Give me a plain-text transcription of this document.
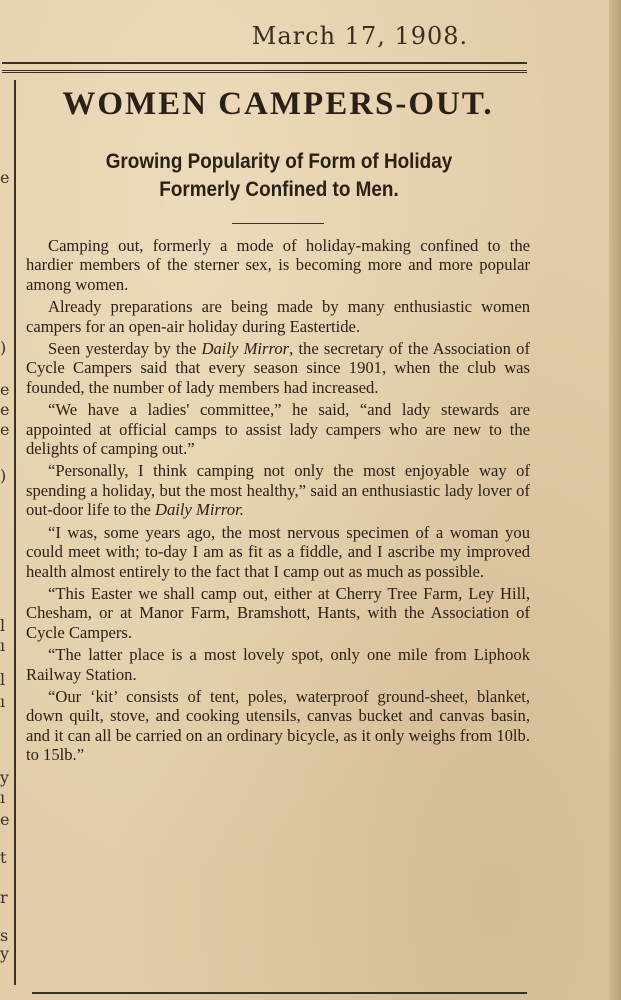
March 17, 1908.
e
)
e
e
e
)
l
ı
l
ı
y
ı
e
t
r
s
y
WOMEN CAMPERS-OUT.
Growing Popularity of Form of Holiday
Formerly Confined to Men.

Camping out, formerly a mode of holiday-making confined to the hardier members of the sterner sex, is becoming more and more popular among women.

Already preparations are being made by many enthusiastic women campers for an open-air holiday during Eastertide.

Seen yesterday by the Daily Mirror, the secretary of the Association of Cycle Campers said that every season since 1901, when the club was founded, the number of lady members had increased.

“We have a ladies' committee,” he said, “and lady stewards are appointed at official camps to assist lady campers who are new to the delights of camping out.”

“Personally, I think camping not only the most enjoyable way of spending a holiday, but the most healthy,” said an enthusiastic lady lover of out-door life to the Daily Mirror.

“I was, some years ago, the most nervous specimen of a woman you could meet with; to-day I am as fit as a fiddle, and I ascribe my improved health almost entirely to the fact that I camp out as much as possible.

“This Easter we shall camp out, either at Cherry Tree Farm, Ley Hill, Chesham, or at Manor Farm, Bramshott, Hants, with the Association of Cycle Campers.

“The latter place is a most lovely spot, only one mile from Liphook Railway Station.

“Our ‘kit’ consists of tent, poles, waterproof ground-sheet, blanket, down quilt, stove, and cooking utensils, canvas bucket and canvas basin, and it can all be carried on an ordinary bicycle, as it only weighs from 10lb. to 15lb.”
